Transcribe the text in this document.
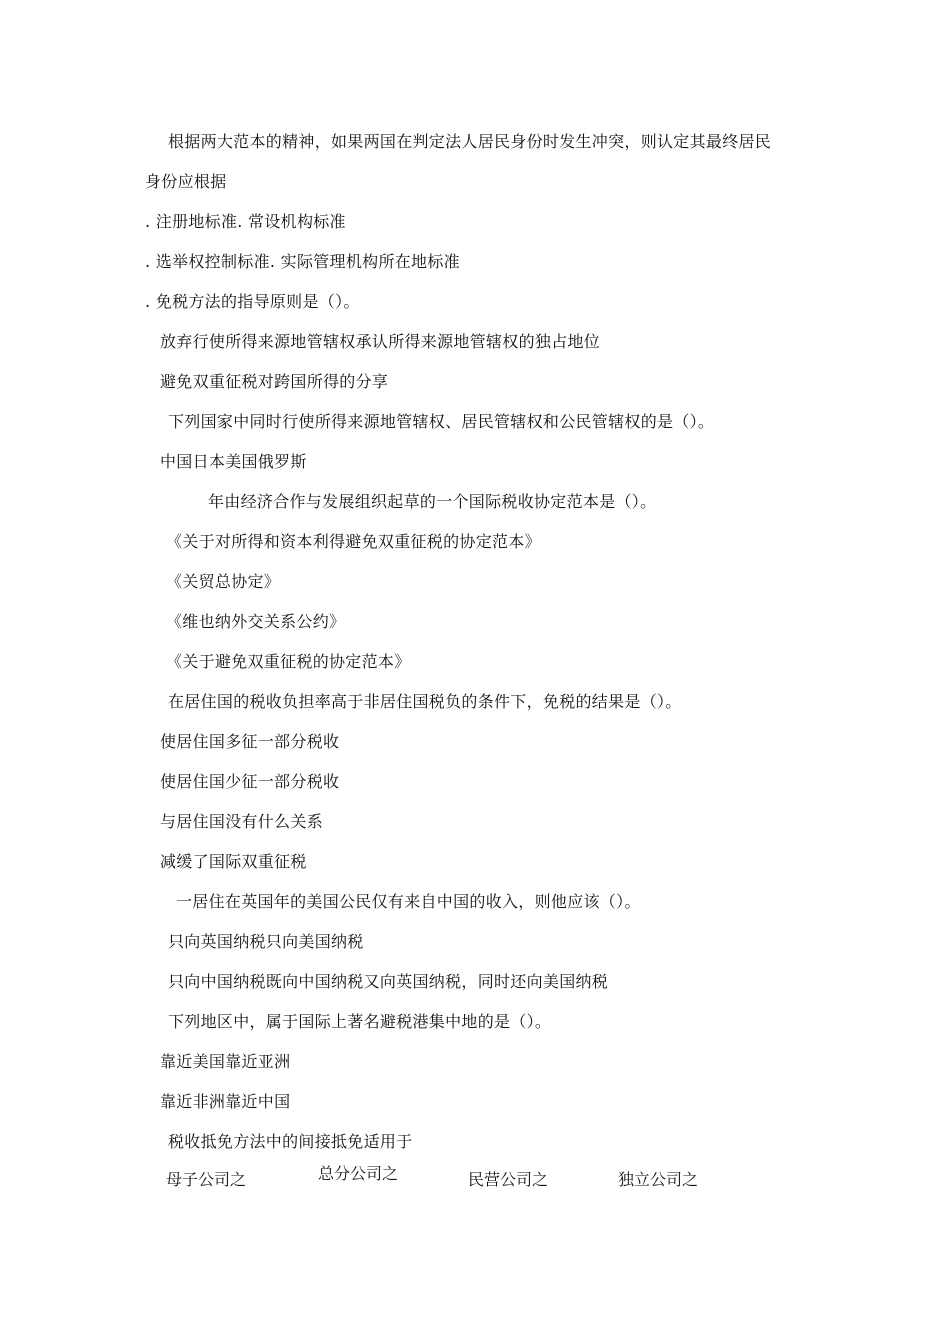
根据两大范本的精神，如果两国在判定法人居民身份时发生冲突，则认定其最终居民
身份应根据
. 注册地标准. 常设机构标准
. 选举权控制标准. 实际管理机构所在地标准
. 免税方法的指导原则是（）。
放弃行使所得来源地管辖权承认所得来源地管辖权的独占地位
避免双重征税对跨国所得的分享
下列国家中同时行使所得来源地管辖权、居民管辖权和公民管辖权的是（）。
中国日本美国俄罗斯
年由经济合作与发展组织起草的一个国际税收协定范本是（）。
《关于对所得和资本利得避免双重征税的协定范本》
《关贸总协定》
《维也纳外交关系公约》
《关于避免双重征税的协定范本》
在居住国的税收负担率高于非居住国税负的条件下，免税的结果是（）。
使居住国多征一部分税收
使居住国少征一部分税收
与居住国没有什么关系
减缓了国际双重征税
一居住在英国年的美国公民仅有来自中国的收入，则他应该（）。
只向英国纳税只向美国纳税
只向中国纳税既向中国纳税又向英国纳税，同时还向美国纳税
下列地区中，属于国际上著名避税港集中地的是（）。
靠近美国靠近亚洲
靠近非洲靠近中国
税收抵免方法中的间接抵免适用于
母子公司之	总分公司之	民营公司之	独立公司之
